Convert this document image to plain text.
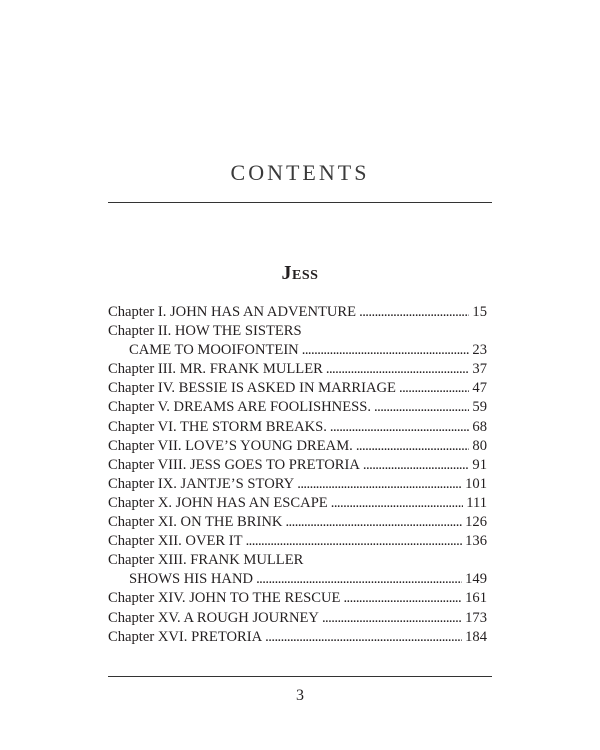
CONTENTS
Jess
Chapter I. JOHN HAS AN ADVENTURE . . .	15
Chapter II. HOW THE SISTERS
CAME TO MOOIFONTEIN . . .	23
Chapter III. MR. FRANK MULLER . . .	37
Chapter IV. BESSIE IS ASKED IN MARRIAGE . . .	47
Chapter V. DREAMS ARE FOOLISHNESS. . . .	59
Chapter VI. THE STORM BREAKS. . . .	68
Chapter VII. LOVE’S YOUNG DREAM. . . .	80
Chapter VIII. JESS GOES TO PRETORIA . . .	91
Chapter IX. JANTJE’S STORY . . .	101
Chapter X. JOHN HAS AN ESCAPE . . .	111
Chapter XI. ON THE BRINK . . .	126
Chapter XII. OVER IT . . .	136
Chapter XIII. FRANK MULLER
SHOWS HIS HAND . . .	149
Chapter XIV. JOHN TO THE RESCUE . . .	161
Chapter XV. A ROUGH JOURNEY . . .	173
Chapter XVI. PRETORIA . . .	184
3
